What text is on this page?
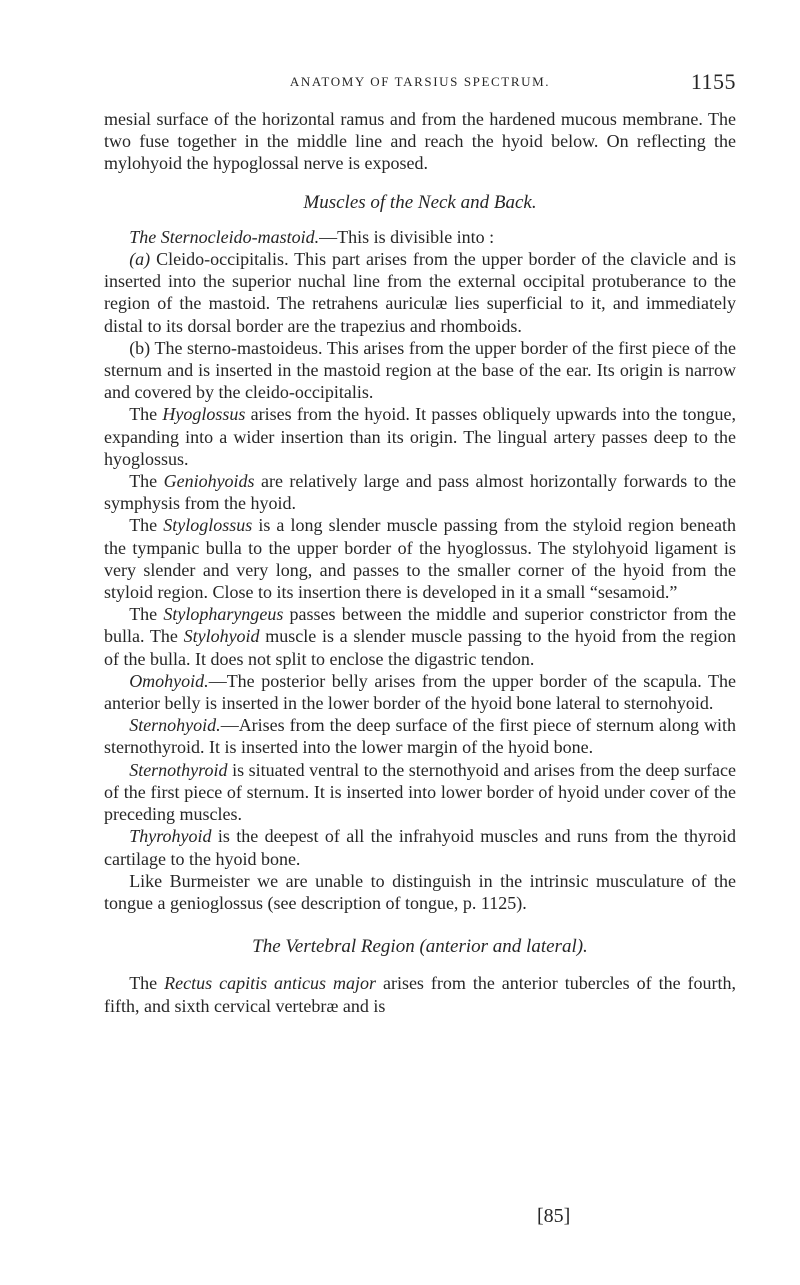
ANATOMY OF TARSIUS SPECTRUM.	1155

mesial surface of the horizontal ramus and from the hardened mucous membrane. The two fuse together in the middle line and reach the hyoid below. On reflecting the mylohyoid the hypoglossal nerve is exposed.

Muscles of the Neck and Back.

The Sternocleido-mastoid.—This is divisible into :

(a) Cleido-occipitalis. This part arises from the upper border of the clavicle and is inserted into the superior nuchal line from the external occipital protuberance to the region of the mastoid. The retrahens auriculæ lies superficial to it, and immediately distal to its dorsal border are the trapezius and rhomboids.

(b) The sterno-mastoideus. This arises from the upper border of the first piece of the sternum and is inserted in the mastoid region at the base of the ear. Its origin is narrow and covered by the cleido-occipitalis.

The Hyoglossus arises from the hyoid. It passes obliquely upwards into the tongue, expanding into a wider insertion than its origin. The lingual artery passes deep to the hyoglossus.

The Geniohyoids are relatively large and pass almost horizontally forwards to the symphysis from the hyoid.

The Styloglossus is a long slender muscle passing from the styloid region beneath the tympanic bulla to the upper border of the hyoglossus. The stylohyoid ligament is very slender and very long, and passes to the smaller corner of the hyoid from the styloid region. Close to its insertion there is developed in it a small “sesamoid.”

The Stylopharyngeus passes between the middle and superior constrictor from the bulla. The Stylohyoid muscle is a slender muscle passing to the hyoid from the region of the bulla. It does not split to enclose the digastric tendon.

Omohyoid.—The posterior belly arises from the upper border of the scapula. The anterior belly is inserted in the lower border of the hyoid bone lateral to sternohyoid.

Sternohyoid.—Arises from the deep surface of the first piece of sternum along with sternothyroid. It is inserted into the lower margin of the hyoid bone.

Sternothyroid is situated ventral to the sternothyoid and arises from the deep surface of the first piece of sternum. It is inserted into lower border of hyoid under cover of the preceding muscles.

Thyrohyoid is the deepest of all the infrahyoid muscles and runs from the thyroid cartilage to the hyoid bone.

Like Burmeister we are unable to distinguish in the intrinsic musculature of the tongue a genioglossus (see description of tongue, p. 1125).

The Vertebral Region (anterior and lateral).

The Rectus capitis anticus major arises from the anterior tubercles of the fourth, fifth, and sixth cervical vertebræ and is

[85]
